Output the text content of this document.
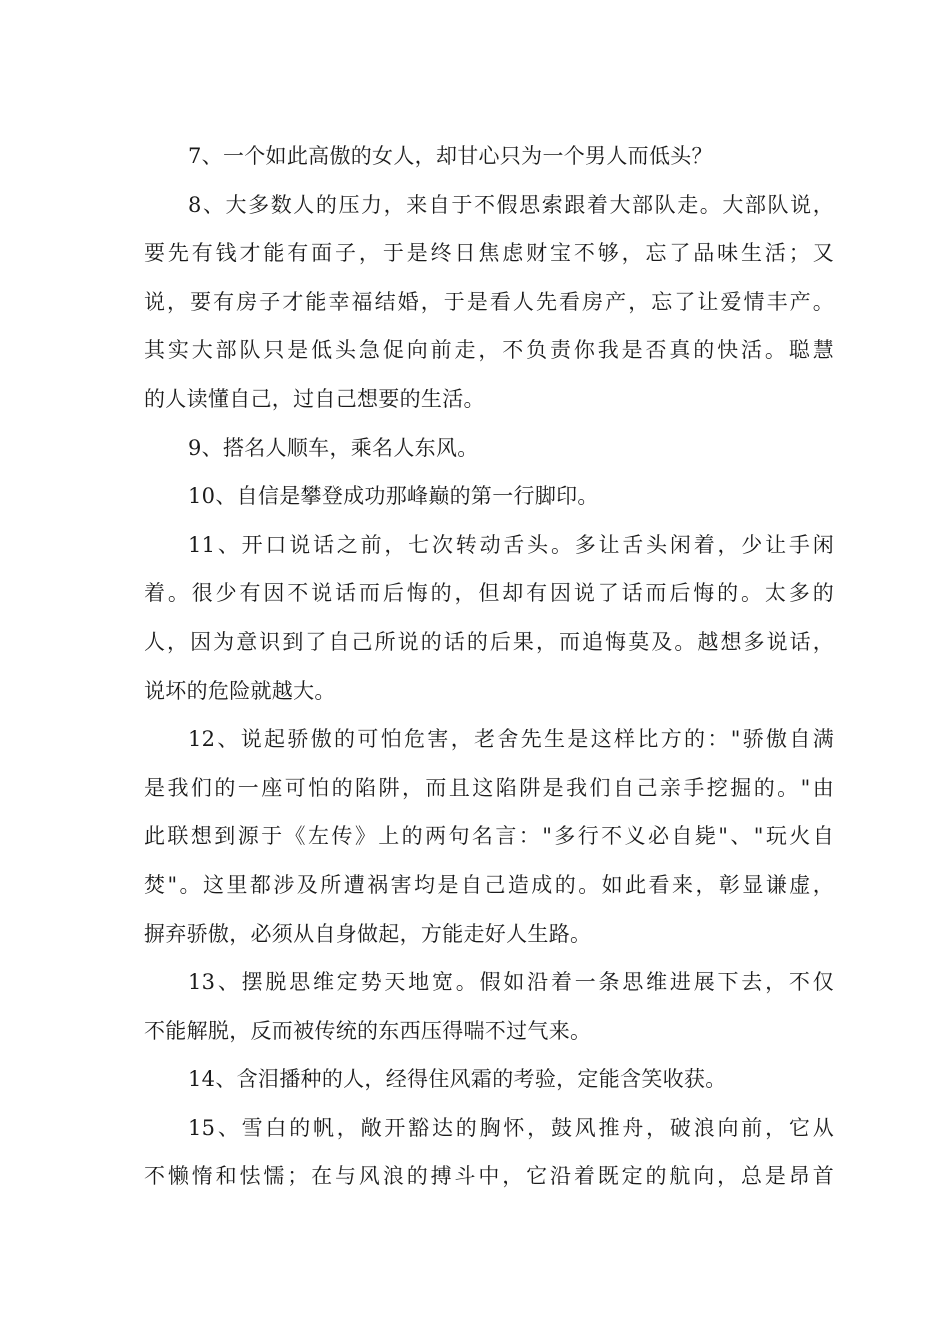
7、一个如此高傲的女人，却甘心只为一个男人而低头？
8、大多数人的压力，来自于不假思索跟着大部队走。大部队说，
要先有钱才能有面子，于是终日焦虑财宝不够，忘了品味生活；又
说，要有房子才能幸福结婚，于是看人先看房产，忘了让爱情丰产。
其实大部队只是低头急促向前走，不负责你我是否真的快活。聪慧
的人读懂自己，过自己想要的生活。
9、搭名人顺车，乘名人东风。
10、自信是攀登成功那峰巅的第一行脚印。
11、开口说话之前，七次转动舌头。多让舌头闲着，少让手闲
着。很少有因不说话而后悔的，但却有因说了话而后悔的。太多的
人，因为意识到了自己所说的话的后果，而追悔莫及。越想多说话，
说坏的危险就越大。
12、说起骄傲的可怕危害，老舍先生是这样比方的："骄傲自满
是我们的一座可怕的陷阱，而且这陷阱是我们自己亲手挖掘的。"由
此联想到源于《左传》上的两句名言："多行不义必自毙"、"玩火自
焚"。这里都涉及所遭祸害均是自己造成的。如此看来，彰显谦虚，
摒弃骄傲，必须从自身做起，方能走好人生路。
13、摆脱思维定势天地宽。假如沿着一条思维进展下去，不仅
不能解脱，反而被传统的东西压得喘不过气来。
14、含泪播种的人，经得住风霜的考验，定能含笑收获。
15、雪白的帆，敞开豁达的胸怀，鼓风推舟，破浪向前，它从
不懒惰和怯懦；在与风浪的搏斗中，它沿着既定的航向，总是昂首
